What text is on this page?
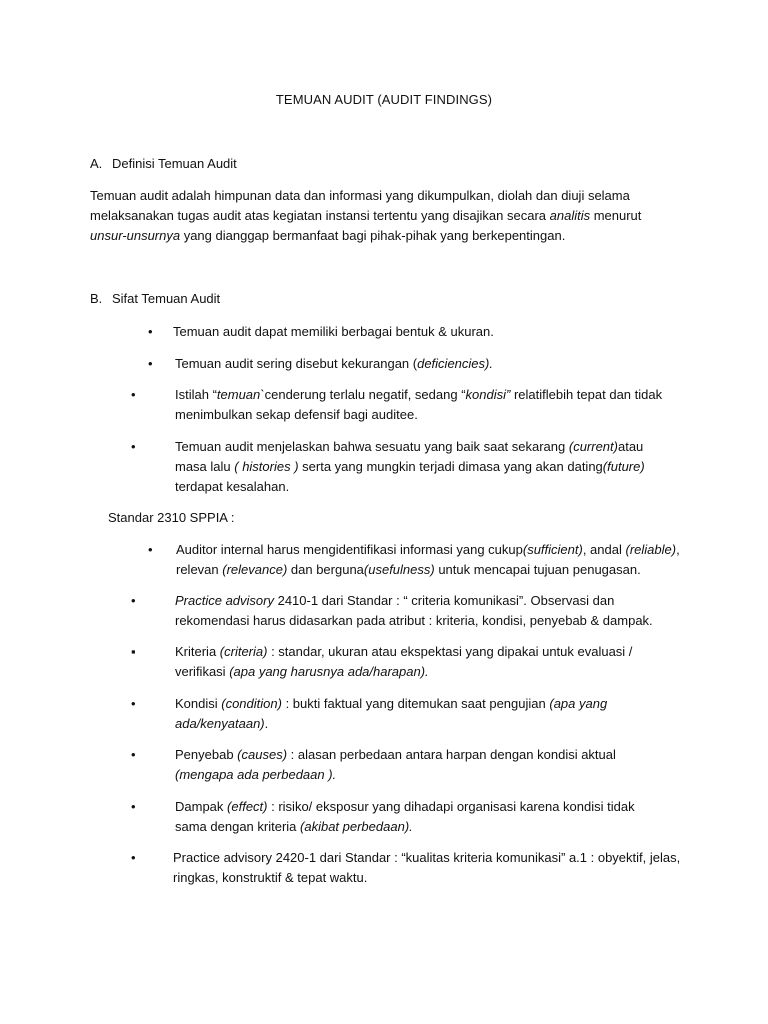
TEMUAN AUDIT (AUDIT FINDINGS)
A. Definisi Temuan Audit
Temuan audit adalah himpunan data dan informasi yang dikumpulkan, diolah dan diuji selama melaksanakan tugas audit atas kegiatan instansi tertentu yang disajikan secara analitis menurut unsur-unsurnya yang dianggap bermanfaat bagi pihak-pihak yang berkepentingan.
B. Sifat Temuan Audit
• Temuan audit dapat memiliki berbagai bentuk & ukuran.
• Temuan audit sering disebut kekurangan (deficiencies).
•	Istilah “temuan`cenderung terlalu negatif, sedang “kondisi” relatiflebih tepat dan tidak menimbulkan sekap defensif bagi auditee.
•	Temuan audit menjelaskan bahwa sesuatu yang baik saat sekarang (current)atau masa lalu ( histories ) serta yang mungkin terjadi dimasa yang akan dating(future) terdapat kesalahan.
Standar 2310 SPPIA :
• Auditor internal harus mengidentifikasi informasi yang cukup(sufficient), andal (reliable), relevan (relevance) dan berguna(usefulness) untuk mencapai tujuan penugasan.
•	Practice advisory 2410-1 dari Standar : “ criteria komunikasi”. Observasi dan rekomendasi harus didasarkan pada atribut : kriteria, kondisi, penyebab & dampak.
▪	Kriteria (criteria) : standar, ukuran atau ekspektasi yang dipakai untuk evaluasi / verifikasi (apa yang harusnya ada/harapan).
•	Kondisi (condition) : bukti faktual yang ditemukan saat pengujian (apa yang ada/kenyataan).
•	Penyebab (causes) : alasan perbedaan antara harpan dengan kondisi aktual (mengapa ada perbedaan ).
•	Dampak (effect) : risiko/ eksposur yang dihadapi organisasi karena kondisi tidak sama dengan kriteria (akibat perbedaan).
•	Practice advisory 2420-1 dari Standar : “kualitas kriteria komunikasi” a.1 : obyektif, jelas, ringkas, konstruktif & tepat waktu.
